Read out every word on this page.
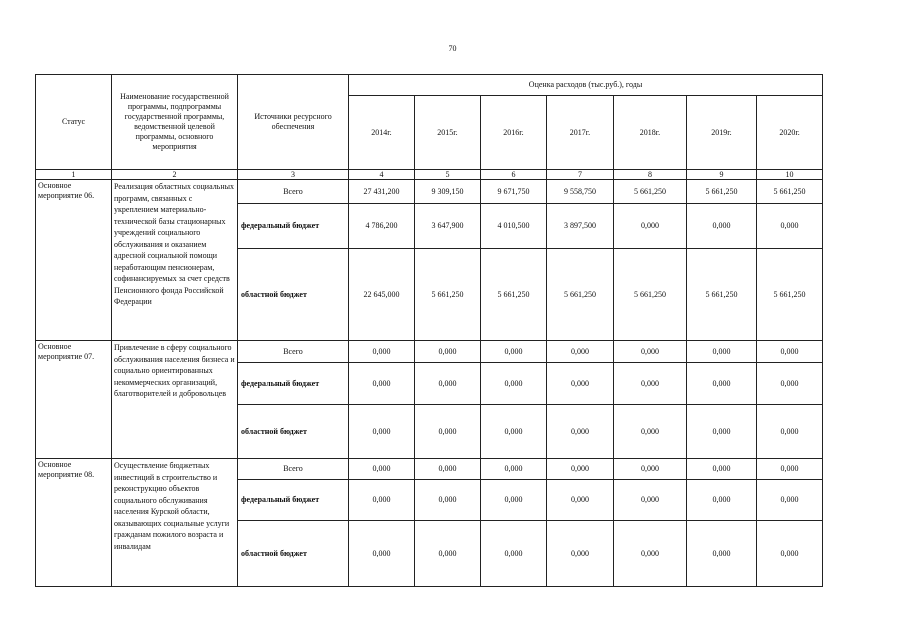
70
Статус	Наименование государственной программы, подпрограммы государственной программы, ведомственной целевой программы, основного мероприятия	Источники ресурсного обеспечения	Оценка расходов (тыс.руб.), годы						
			2014г.	2015г.	2016г.	2017г.	2018г.	2019г.	2020г.
1	2	3	4	5	6	7	8	9	10
Основное мероприятие 06.	Реализация областных социальных программ, связанных с укреплением материально-технической базы стационарных учреждений социального обслуживания и оказанием адресной социальной помощи неработающим пенсионерам, софинансируемых за счет средств Пенсионного фонда Российской Федерации	Всего	27 431,200	9 309,150	9 671,750	9 558,750	5 661,250	5 661,250	5 661,250
		федеральный бюджет	4 786,200	3 647,900	4 010,500	3 897,500	0,000	0,000	0,000
		областной бюджет	22 645,000	5 661,250	5 661,250	5 661,250	5 661,250	5 661,250	5 661,250
Основное мероприятие 07.	Привлечение в сферу социального обслуживания населения бизнеса и социально ориентированных некоммерческих организаций, благотворителей и добровольцев	Всего	0,000	0,000	0,000	0,000	0,000	0,000	0,000
		федеральный бюджет	0,000	0,000	0,000	0,000	0,000	0,000	0,000
		областной бюджет	0,000	0,000	0,000	0,000	0,000	0,000	0,000
Основное мероприятие 08.	Осуществление бюджетных инвестиций в строительство и реконструкцию объектов социального обслуживания населения Курской области, оказывающих социальные услуги гражданам пожилого возраста и инвалидам	Всего	0,000	0,000	0,000	0,000	0,000	0,000	0,000
		федеральный бюджет	0,000	0,000	0,000	0,000	0,000	0,000	0,000
		областной бюджет	0,000	0,000	0,000	0,000	0,000	0,000	0,000
